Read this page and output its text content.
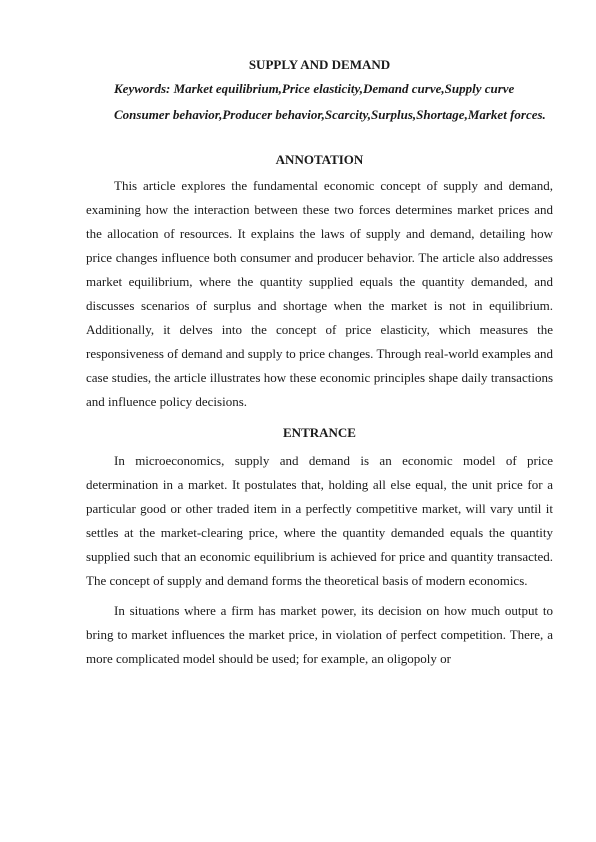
SUPPLY AND DEMAND
Keywords: Market equilibrium,Price elasticity,Demand curve,Supply curve
Consumer behavior,Producer behavior,Scarcity,Surplus,Shortage,Market forces.
ANNOTATION

This article explores the fundamental economic concept of supply and demand, examining how the interaction between these two forces determines market prices and the allocation of resources. It explains the laws of supply and demand, detailing how price changes influence both consumer and producer behavior. The article also addresses market equilibrium, where the quantity supplied equals the quantity demanded, and discusses scenarios of surplus and shortage when the market is not in equilibrium. Additionally, it delves into the concept of price elasticity, which measures the responsiveness of demand and supply to price changes. Through real-world examples and case studies, the article illustrates how these economic principles shape daily transactions and influence policy decisions.

ENTRANCE

In microeconomics, supply and demand is an economic model of price determination in a market. It postulates that, holding all else equal, the unit price for a particular good or other traded item in a perfectly competitive market, will vary until it settles at the market-clearing price, where the quantity demanded equals the quantity supplied such that an economic equilibrium is achieved for price and quantity transacted. The concept of supply and demand forms the theoretical basis of modern economics.

In situations where a firm has market power, its decision on how much output to bring to market influences the market price, in violation of perfect competition. There, a more complicated model should be used; for example, an oligopoly or
